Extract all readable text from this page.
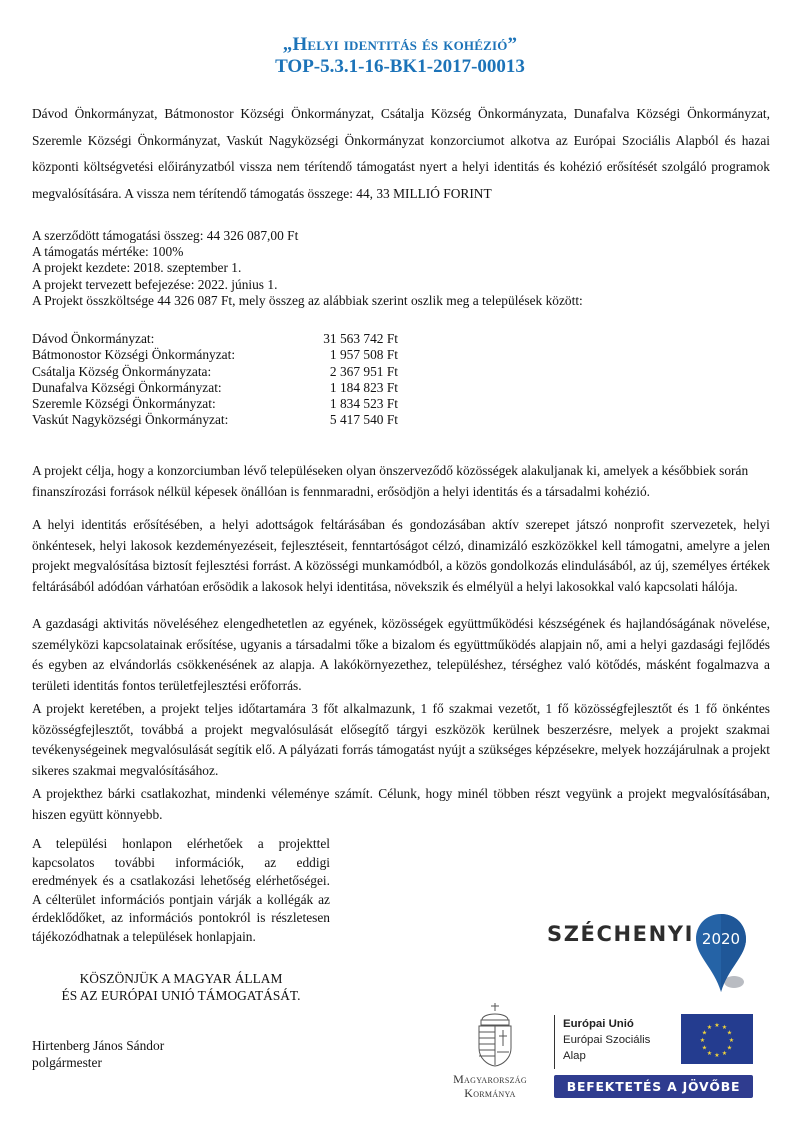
„Helyi identitás és kohézió”
TOP-5.3.1-16-BK1-2017-00013
Dávod Önkormányzat, Bátmonostor Községi Önkormányzat, Csátalja Község Önkormányzata, Dunafalva Községi Önkormányzat, Szeremle Községi Önkormányzat, Vaskút Nagyközségi Önkormányzat konzorciumot alkotva az Európai Szociális Alapból és hazai központi költségvetési előirányzatból vissza nem térítendő támogatást nyert a helyi identitás és kohézió erősítését szolgáló programok megvalósítására. A vissza nem térítendő támogatás összege: 44, 33 MILLIÓ FORINT
A szerződött támogatási összeg: 44 326 087,00 Ft
A támogatás mértéke: 100%
A projekt kezdete: 2018. szeptember 1.
A projekt tervezett befejezése: 2022. június 1.
A Projekt összköltsége 44 326 087 Ft, mely összeg az alábbiak szerint oszlik meg a települések között:
Dávod Önkormányzat:	31 563 742 Ft
Bátmonostor Községi Önkormányzat:	1 957 508 Ft
Csátalja Község Önkormányzata:	2 367 951 Ft
Dunafalva Községi Önkormányzat:	1 184 823 Ft
Szeremle Községi Önkormányzat:	1 834 523 Ft
Vaskút Nagyközségi Önkormányzat:	5 417 540 Ft
A projekt célja, hogy a konzorciumban lévő településeken olyan önszerveződő közösségek alakuljanak ki, amelyek a későbbiek során finanszírozási források nélkül képesek önállóan is fennmaradni, erősödjön a helyi identitás és a társadalmi kohézió.
A helyi identitás erősítésében, a helyi adottságok feltárásában és gondozásában aktív szerepet játszó nonprofit szervezetek, helyi önkéntesek, helyi lakosok kezdeményezéseit, fejlesztéseit, fenntartóságot célzó, dinamizáló eszközökkel kell támogatni, amelyre a jelen projekt megvalósítása biztosít fejlesztési forrást. A közösségi munkamódból, a közös gondolkozás elindulásából, az új, személyes értékek feltárásából adódóan várhatóan erősödik a lakosok helyi identitása, növekszik és elmélyül a helyi lakosokkal való kapcsolati hálója.
A gazdasági aktivitás növeléséhez elengedhetetlen az egyének, közösségek együttműködési készségének és hajlandóságának növelése, személyközi kapcsolatainak erősítése, ugyanis a társadalmi tőke a bizalom és együttműködés alapjain nő, ami a helyi gazdasági fejlődés és egyben az elvándorlás csökkenésének az alapja. A lakókörnyezethez, településhez, térséghez való kötődés, másként fogalmazva a területi identitás fontos területfejlesztési erőforrás.
A projekt keretében, a projekt teljes időtartamára 3 főt alkalmazunk, 1 fő szakmai vezetőt, 1 fő közösségfejlesztőt és 1 fő önkéntes közösségfejlesztőt, továbbá a projekt megvalósulását elősegítő tárgyi eszközök kerülnek beszerzésre, melyek a projekt szakmai tevékenységeinek megvalósulását segítik elő. A pályázati forrás támogatást nyújt a szükséges képzésekre, melyek hozzájárulnak a projekt sikeres szakmai megvalósításához.
A projekthez bárki csatlakozhat, mindenki véleménye számít. Célunk, hogy minél többen részt vegyünk a projekt megvalósításában, hiszen együtt könnyebb.
A települési honlapon elérhetőek a projekttel kapcsolatos további információk, az eddigi eredmények és a csatlakozási lehetőség elérhetőségei. A célterület információs pontjain várják a kollégák az érdeklődőket, az információs pontokról is részletesen tájékozódhatnak a települések honlapjain.
KÖSZÖNJÜK A MAGYAR ÁLLAM
ÉS AZ EURÓPAI UNIÓ TÁMOGATÁSÁT.
Hirtenberg János Sándor
polgármester
SZÉCHENYI 2020
Magyarország
Kormánya
Európai Unió
Európai Szociális
Alap
★ ★
★
★
★
★
★
★
★
★
★
★
BEFEKTETÉS A JÖVŐBE
